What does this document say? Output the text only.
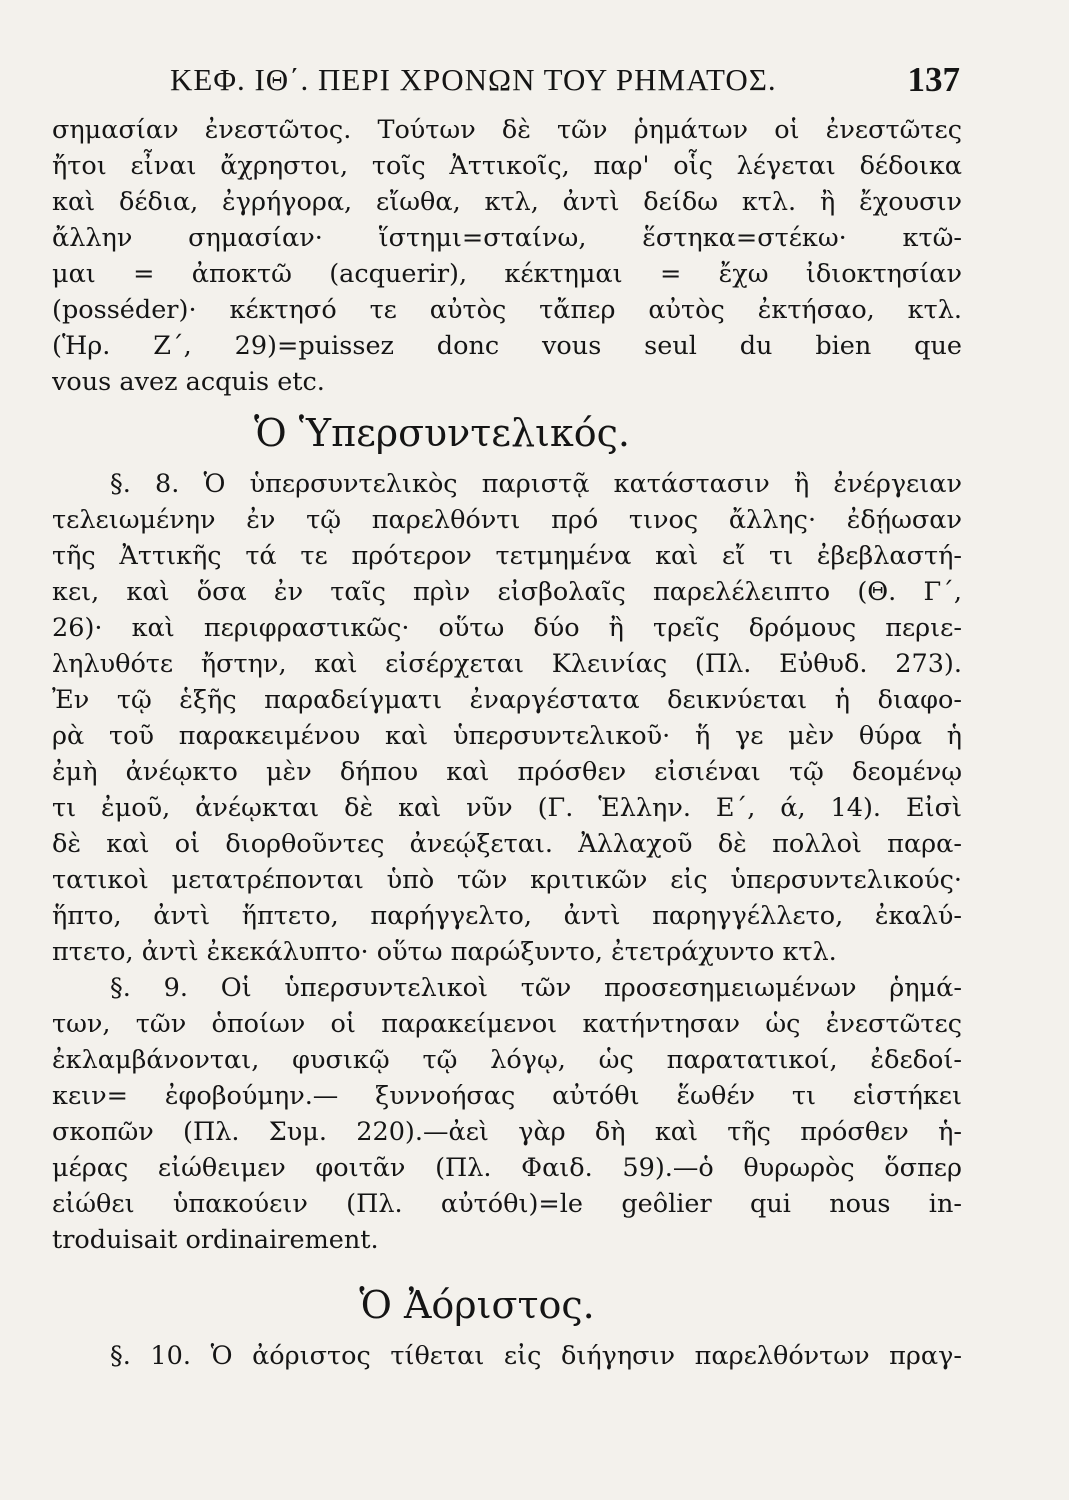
ΚΕΦ. ΙΘ΄. ΠΕΡΙ ΧΡΟΝΩΝ ΤΟΥ ΡΗΜΑΤΟΣ.	137
σημασίαν ἐνεστῶτος. Τούτων δὲ τῶν ῥημάτων οἱ ἐνεστῶτες
ἤτοι εἶναι ἄχρηστοι, τοῖς Ἀττικοῖς, παρ' οἷς λέγεται δέδοικα
καὶ δέδια, ἐγρήγορα, εἴωθα, κτλ, ἀντὶ δείδω κτλ. ἢ ἔχουσιν
ἄλλην σημασίαν· ἵστημι=σταίνω, ἕστηκα=στέκω· κτῶ-
μαι = ἀποκτῶ (acquerir), κέκτημαι = ἔχω ἰδιοκτησίαν
(posséder)· κέκτησό τε αὐτὸς τἄπερ αὐτὸς ἐκτήσαο, κτλ.
(Ἡρ. Ζ΄, 29)=puissez donc vous seul du bien que
vous avez acquis etc.
Ὁ Ὑπερσυντελικός.
§. 8. Ὁ ὑπερσυντελικὸς παριστᾷ κατάστασιν ἢ ἐνέργειαν
τελειωμένην ἐν τῷ παρελθόντι πρό τινος ἄλλης· ἐδῄωσαν
τῆς Ἀττικῆς τά τε πρότερον τετμημένα καὶ εἴ τι ἐβεβλαστή-
κει, καὶ ὅσα ἐν ταῖς πρὶν εἰσβολαῖς παρελέλειπτο (Θ. Γ΄,
26)· καὶ περιφραστικῶς· οὕτω δύο ἢ τρεῖς δρόμους περιε-
ληλυθότε ἤστην, καὶ εἰσέρχεται Κλεινίας (Πλ. Εὐθυδ. 273).
Ἐν τῷ ἑξῆς παραδείγματι ἐναργέστατα δεικνύεται ἡ διαφο-
ρὰ τοῦ παρακειμένου καὶ ὑπερσυντελικοῦ· ἥ γε μὲν θύρα ἡ
ἐμὴ ἀνέῳκτο μὲν δήπου καὶ πρόσθεν εἰσιέναι τῷ δεομένῳ
τι ἐμοῦ, ἀνέῳκται δὲ καὶ νῦν (Γ. Ἑλλην. Ε΄, ά, 14). Εἰσὶ
δὲ καὶ οἱ διορθοῦντες ἀνεῴξεται. Ἀλλαχοῦ δὲ πολλοὶ παρα-
τατικοὶ μετατρέπονται ὑπὸ τῶν κριτικῶν εἰς ὑπερσυντελικούς·
ἥπτο, ἀντὶ ἥπτετο, παρήγγελτο, ἀντὶ παρηγγέλλετο, ἐκαλύ-
πτετο, ἀντὶ ἐκεκάλυπτο· οὕτω παρώξυντο, ἐτετράχυντο κτλ.
§. 9. Οἱ ὑπερσυντελικοὶ τῶν προσεσημειωμένων ῥημά-
των, τῶν ὁποίων οἱ παρακείμενοι κατήντησαν ὡς ἐνεστῶτες
ἐκλαμβάνονται, φυσικῷ τῷ λόγῳ, ὡς παρατατικοί, ἐδεδοί-
κειν= ἐφοβούμην.— ξυννοήσας αὐτόθι ἕωθέν τι εἱστήκει
σκοπῶν (Πλ. Συμ. 220).—ἀεὶ γὰρ δὴ καὶ τῆς πρόσθεν ἡ-
μέρας εἰώθειμεν φοιτᾶν (Πλ. Φαιδ. 59).—ὁ θυρωρὸς ὅσπερ
εἰώθει ὑπακούειν (Πλ. αὐτόθι)=le geôlier qui nous in-
troduisait ordinairement.
Ὁ Ἀόριστος.
§. 10. Ὁ ἀόριστος τίθεται εἰς διήγησιν παρελθόντων πραγ-
